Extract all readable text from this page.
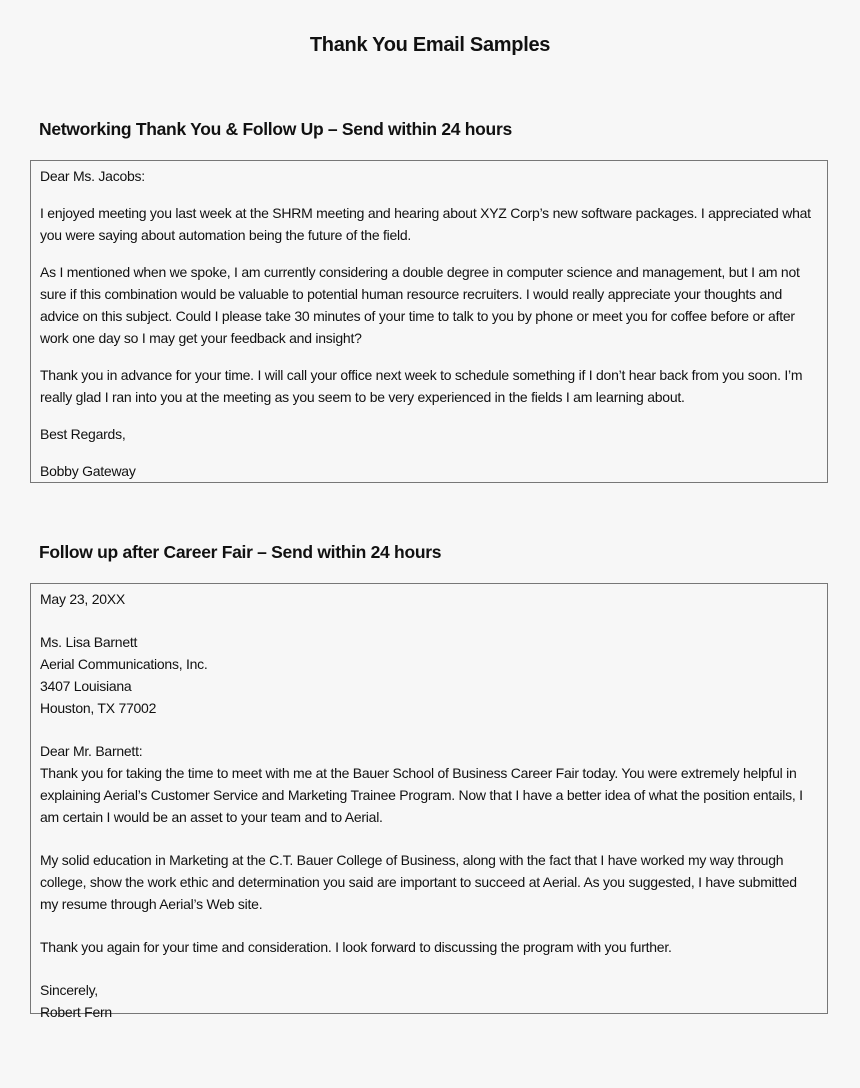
Thank You Email Samples
Networking Thank You & Follow Up – Send within 24 hours

Dear Ms. Jacobs:

I enjoyed meeting you last week at the SHRM meeting and hearing about XYZ Corp’s new software packages. I appreciated what you were saying about automation being the future of the field.

As I mentioned when we spoke, I am currently considering a double degree in computer science and management, but I am not sure if this combination would be valuable to potential human resource recruiters. I would really appreciate your thoughts and advice on this subject. Could I please take 30 minutes of your time to talk to you by phone or meet you for coffee before or after work one day so I may get your feedback and insight?

Thank you in advance for your time. I will call your office next week to schedule something if I don’t hear back from you soon. I’m really glad I ran into you at the meeting as you seem to be very experienced in the fields I am learning about.

Best Regards,

Bobby Gateway

Follow up after Career Fair – Send within 24 hours

May 23, 20XX

Ms. Lisa Barnett

Aerial Communications, Inc.

3407 Louisiana

Houston, TX 77002

Dear Mr. Barnett:

Thank you for taking the time to meet with me at the Bauer School of Business Career Fair today. You were extremely helpful in explaining Aerial’s Customer Service and Marketing Trainee Program. Now that I have a better idea of what the position entails, I am certain I would be an asset to your team and to Aerial.

My solid education in Marketing at the C.T. Bauer College of Business, along with the fact that I have worked my way through college, show the work ethic and determination you said are important to succeed at Aerial. As you suggested, I have submitted my resume through Aerial’s Web site.

Thank you again for your time and consideration. I look forward to discussing the program with you further.

Sincerely,

Robert Fern
